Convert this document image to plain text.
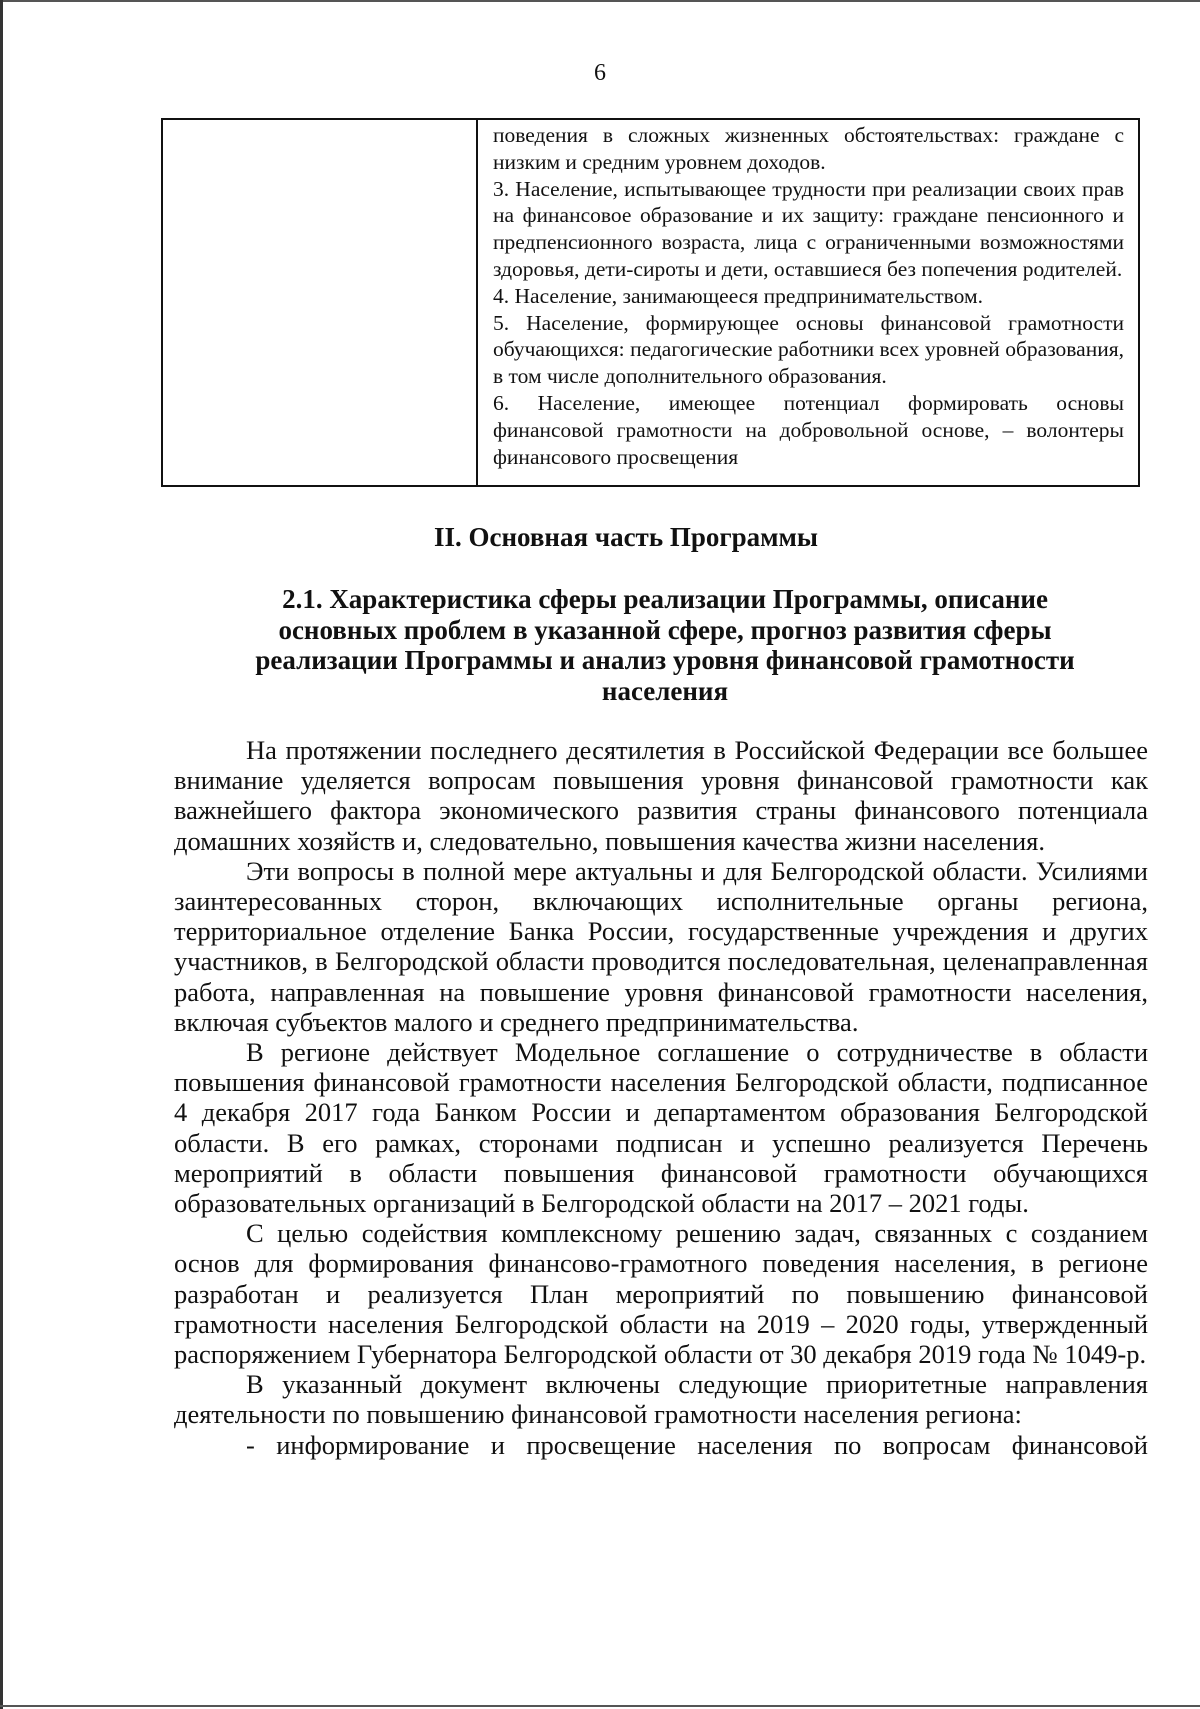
6

поведения в сложных жизненных обстоятельствах: граждане с низким и средним уровнем доходов.

3. Население, испытывающее трудности при реализации своих прав на финансовое образование и их защиту: граждане пенсионного и предпенсионного возраста, лица с ограниченными возможностями здоровья, дети-сироты и дети, оставшиеся без попечения родителей.

4. Население, занимающееся предпринимательством.

5. Население, формирующее основы финансовой грамотности обучающихся: педагогические работники всех уровней образования, в том числе дополнительного образования.

6. Население, имеющее потенциал формировать основы финансовой грамотности на добровольной основе, – волонтеры финансового просвещения

II. Основная часть Программы
2.1. Характеристика сферы реализации Программы, описание основных проблем в указанной сфере, прогноз развития сферы реализации Программы и анализ уровня финансовой грамотности населения

На протяжении последнего десятилетия в Российской Федерации все большее внимание уделяется вопросам повышения уровня финансовой грамотности как важнейшего фактора экономического развития страны финансового потенциала домашних хозяйств и, следовательно, повышения качества жизни населения.

Эти вопросы в полной мере актуальны и для Белгородской области. Усилиями заинтересованных сторон, включающих исполнительные органы региона, территориальное отделение Банка России, государственные учреждения и других участников, в Белгородской области проводится последовательная, целенаправленная работа, направленная на повышение уровня финансовой грамотности населения, включая субъектов малого и среднего предпринимательства.

В регионе действует Модельное соглашение о сотрудничестве в области повышения финансовой грамотности населения Белгородской области, подписанное 4 декабря 2017 года Банком России и департаментом образования Белгородской области. В его рамках, сторонами подписан и успешно реализуется Перечень мероприятий в области повышения финансовой грамотности обучающихся образовательных организаций в Белгородской области на 2017 – 2021 годы.

С целью содействия комплексному решению задач, связанных с созданием основ для формирования финансово-грамотного поведения населения, в регионе разработан и реализуется План мероприятий по повышению финансовой грамотности населения Белгородской области на 2019 – 2020 годы, утвержденный распоряжением Губернатора Белгородской области от 30 декабря 2019 года № 1049-р.

В указанный документ включены следующие приоритетные направления деятельности по повышению финансовой грамотности населения региона:

- информирование и просвещение населения по вопросам финансовой
